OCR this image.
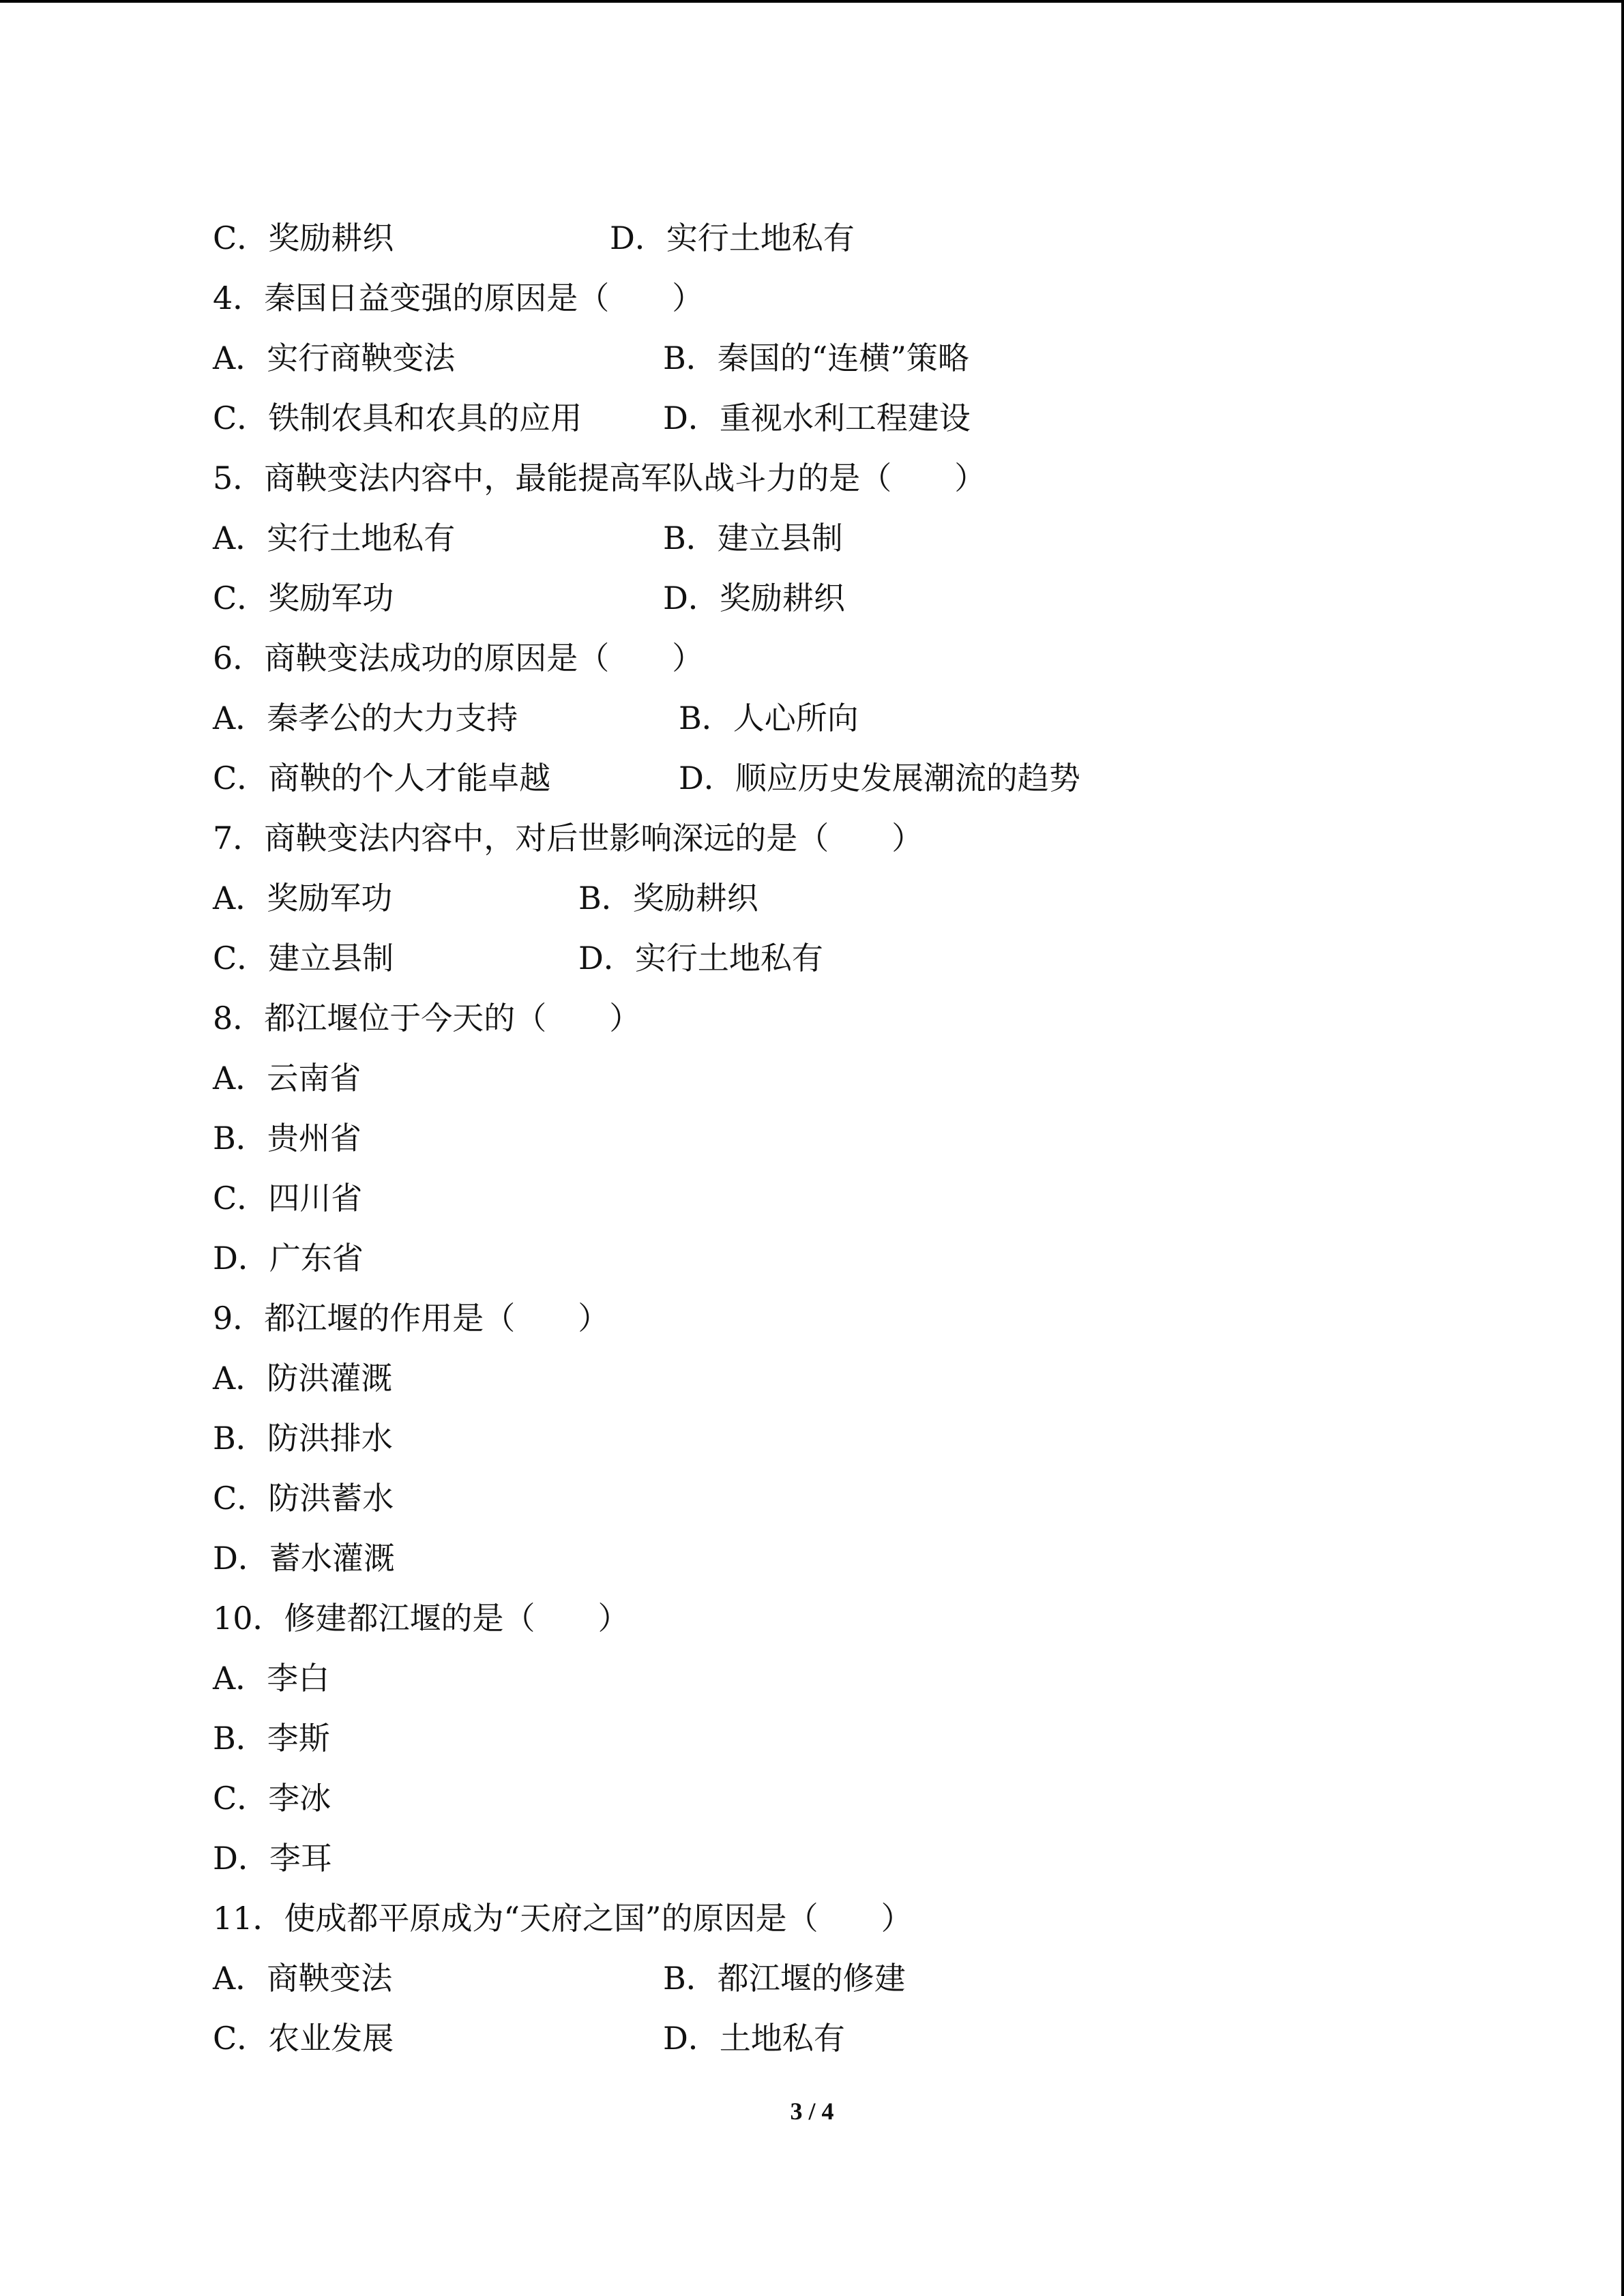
C．奖励耕织	D．实行土地私有
4．秦国日益变强的原因是（　　）
A．实行商鞅变法	B．秦国的“连横”策略
C．铁制农具和农具的应用	D．重视水利工程建设
5．商鞅变法内容中，最能提高军队战斗力的是（　　）
A．实行土地私有	B．建立县制
C．奖励军功	D．奖励耕织
6．商鞅变法成功的原因是（　　）
A．秦孝公的大力支持	B．人心所向
C．商鞅的个人才能卓越	D．顺应历史发展潮流的趋势
7．商鞅变法内容中，对后世影响深远的是（　　）
A．奖励军功	B．奖励耕织
C．建立县制	D．实行土地私有
8．都江堰位于今天的（　　）
A．云南省
B．贵州省
C．四川省
D．广东省
9．都江堰的作用是（　　）
A．防洪灌溉
B．防洪排水
C．防洪蓄水
D．蓄水灌溉
10．修建都江堰的是（　　）
A．李白
B．李斯
C．李冰
D．李耳
11．使成都平原成为“天府之国”的原因是（　　）
A．商鞅变法	B．都江堰的修建
C．农业发展	D．土地私有
3 / 4
